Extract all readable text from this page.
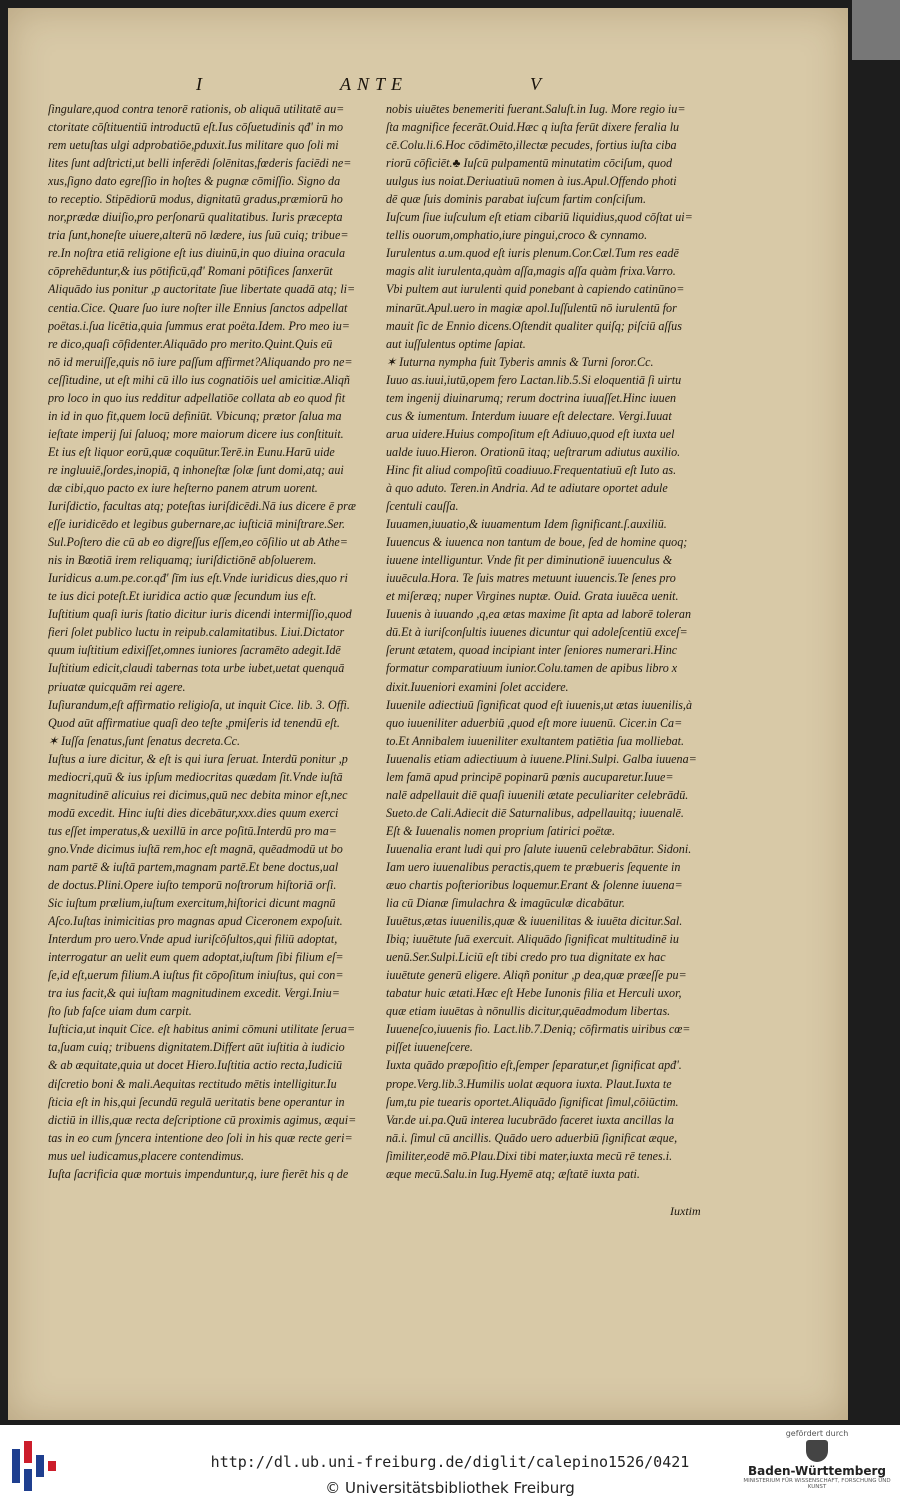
I	ANTE	V
ſingulare,quod contra tenorē rationis, ob aliquā utilitatē au=
ctoritate cōſtituentiū introductū eſt.Ius cōſuetudinis qđ' in mo
rem uetuſtas ulgi adprobatiōe,pduxit.Ius militare quo ſoli mi
lites ſunt adſtricti,ut belli inferēdi ſolēnitas,fœderis faciēdi ne=
xus,ſigno dato egreſſio in hoſtes & pugnæ cōmiſſio. Signo da
to receptio. Stipēdiorū modus, dignitatū gradus,præmiorū ho
nor,prædæ diuiſio,pro perſonarū qualitatibus. Iuris præcepta
tria ſunt,honeſte uiuere,alterū nō lædere, ius ſuū cuiq; tribue=
re.In noſtra etiā religione eſt ius diuinū,in quo diuina oracula
cōprehēduntur,& ius pōtificū,qđ' Romani pōtifices ſanxerūt
Aliquādo ius ponitur ,p auctoritate ſiue libertate quadā atq; li=
centia.Cice. Quare ſuo iure noſter ille Ennius ſanctos adpellat
poëtas.i.ſua licētia,quia ſummus erat poëta.Idem. Pro meo iu=
re dico,quaſi cōfidenter.Aliquādo pro merito.Quint.Quis eū
nō id meruiſſe,quis nō iure paſſum affirmet?Aliquando pro ne=
ceſſitudine, ut eſt mihi cū illo ius cognatiōis uel amicitiæ.Aliqñ
pro loco in quo ius redditur adpellatiōe collata ab eo quod fit
in id in quo fit,quem locū definiūt. Vbicunq; prætor ſalua ma
ieſtate imperij ſui ſaluoq; more maiorum dicere ius conſtituit.
Et ius eſt liquor eorū,quæ coquūtur.Terē.in Eunu.Harū uide
re ingluuiē,ſordes,inopiā, q̄ inhoneſtæ ſolæ ſunt domi,atq; aui
dæ cibi,quo pacto ex iure heſterno panem atrum uorent.
Iuriſdictio, facultas atq; poteſtas iuriſdicēdi.Nā ius dicere ē præ
eſſe iuridicēdo et legibus gubernare,ac iuſticiā miniſtrare.Ser.
Sul.Poſtero die cū ab eo digreſſus eſſem,eo cōſilio ut ab Athe=
nis in Bœotiā irem reliquamq; iuriſdictiōnē abſoluerem.
Iuridicus a.um.pe.cor.qđ' ſīm ius eſt.Vnde iuridicus dies,quo ri
te ius dici poteſt.Et iuridica actio quæ ſecundum ius eſt.
Iuſtitium quaſi iuris ſtatio dicitur iuris dicendi intermiſſio,quod
fieri ſolet publico luctu in reipub.calamitatibus. Liui.Dictator
quum iuſtitium edixiſſet,omnes iuniores ſacramēto adegit.Idē
Iuſtitium edicit,claudi tabernas tota urbe iubet,uetat quenquā
priuatæ quicquām rei agere.
Iuſiurandum,eſt affirmatio religioſa, ut inquit Cice. lib. 3. Offi.
Quod aūt affirmatiue quaſi deo teſte ,pmiſeris id tenendū eſt.
✶ Iuſſa ſenatus,ſunt ſenatus decreta.Cc.
Iuſtus a iure dicitur, & eſt is qui iura ſeruat. Interdū ponitur ,p
mediocri,quū & ius ipſum mediocritas quædam ſit.Vnde iuſtā
magnitudinē alicuius rei dicimus,quū nec debita minor eſt,nec
modū excedit. Hinc iuſti dies dicebātur,xxx.dies quum exerci
tus eſſet imperatus,& uexillū in arce poſitū.Interdū pro ma=
gno.Vnde dicimus iuſtā rem,hoc eſt magnā, quēadmodū ut bo
nam partē & iuſtā partem,magnam partē.Et bene doctus,ual
de doctus.Plini.Opere iuſto temporū noſtrorum hiſtoriā orſi.
Sic iuſtum prælium,iuſtum exercitum,hiſtorici dicunt magnū
Aſco.Iuſtas inimicitias pro magnas apud Ciceronem expoſuit.
Interdum pro uero.Vnde apud iuriſcōſultos,qui filiū adoptat,
interrogatur an uelit eum quem adoptat,iuſtum ſibi filium eſ=
ſe,id eſt,uerum filium.A iuſtus fit cōpoſitum iniuſtus, qui con=
tra ius facit,& qui iuſtam magnitudinem excedit. Vergi.Iniu=
ſto ſub faſce uiam dum carpit.
Iuſticia,ut inquit Cice. eſt habitus animi cōmuni utilitate ſerua=
ta,ſuam cuiq; tribuens dignitatem.Differt aūt iuſtitia à iudicio
& ab æquitate,quia ut docet Hiero.Iuſtitia actio recta,Iudiciū
diſcretio boni & mali.Aequitas rectitudo mētis intelligitur.Iu
ſticia eſt in his,qui ſecundū regulā ueritatis bene operantur in
dictiū in illis,quæ recta deſcriptione cū proximis agimus, æqui=
tas in eo cum ſyncera intentione deo ſoli in his quæ recte geri=
mus uel iudicamus,placere contendimus.
Iuſta ſacrificia quæ mortuis impenduntur,q, iure fierēt his q de
nobis uiuētes benemeriti fuerant.Saluſt.in Iug. More regio iu=
ſta magnifice fecerāt.Ouid.Hæc q iuſta ferūt dixere feralia lu
cē.Colu.li.6.Hoc cōdimēto,illectæ pecudes, fortius iuſta ciba
riorū cōficiēt.♣ Iuſcū pulpamentū minutatim cōciſum, quod
uulgus ius noiat.Deriuatiuū nomen à ius.Apul.Offendo photi
dē quæ ſuis dominis parabat iuſcum fartim conſciſum.
Iuſcum ſiue iuſculum eſt etiam cibariū liquidius,quod cōſtat ui=
tellis ouorum,omphatio,iure pingui,croco & cynnamo.
Iurulentus a.um.quod eſt iuris plenum.Cor.Cæl.Tum res eadē
magis alit iurulenta,quàm aſſa,magis aſſa quàm frixa.Varro.
Vbi pultem aut iurulenti quid ponebant à capiendo catinūno=
minarūt.Apul.uero in magiæ apol.Iuſſulentū nō iurulentū for
mauit ſic de Ennio dicens.Oſtendit qualiter quiſq; piſciū aſſus
aut iuſſulentus optime ſapiat.
✶ Iuturna nympha fuit Tyberis amnis & Turni ſoror.Cc.
Iuuo as.iuui,iutū,opem fero Lactan.lib.5.Si eloquentiā ſi uirtu
tem ingenij diuinarumq; rerum doctrina iuuaſſet.Hinc iuuen
cus & iumentum. Interdum iuuare eſt delectare. Vergi.Iuuat
arua uidere.Huius compoſitum eſt Adiuuo,quod eſt iuxta uel
ualde iuuo.Hieron. Orationū itaq; ueſtrarum adiutus auxilio.
Hinc fit aliud compoſitū coadiuuo.Frequentatiuū eſt Iuto as.
à quo aduto. Teren.in Andria. Ad te adiutare oportet adule
ſcentuli cauſſa.
Iuuamen,iuuatio,& iuuamentum Idem ſignificant.ſ.auxiliū.
Iuuencus & iuuenca non tantum de boue, ſed de homine quoq;
iuuene intelliguntur. Vnde fit per diminutionē iuuenculus &
iuuēcula.Hora. Te ſuis matres metuunt iuuencis.Te ſenes pro
et miſeræq; nuper Virgines nuptæ. Ouid. Grata iuuēca uenit.
Iuuenis à iuuando ,q,ea ætas maxime ſit apta ad laborē toleran
dū.Et à iuriſconſultis iuuenes dicuntur qui adoleſcentiū exceſ=
ſerunt ætatem, quoad incipiant inter ſeniores numerari.Hinc
formatur comparatiuum iunior.Colu.tamen de apibus libro x
dixit.Iuueniori examini ſolet accidere.
Iuuenile adiectiuū ſignificat quod eſt iuuenis,ut ætas iuuenilis,à
quo iuueniliter aduerbiū ,quod eſt more iuuenū. Cicer.in Ca=
to.Et Annibalem iuueniliter exultantem patiētia ſua molliebat.
Iuuenalis etiam adiectiuum à iuuene.Plini.Sulpi. Galba iuuena=
lem famā apud principē popinarū pœnis aucuparetur.Iuue=
nalē adpellauit diē quaſi iuuenili ætate peculiariter celebrādū.
Sueto.de Cali.Adiecit diē Saturnalibus, adpellauitq; iuuenalē.
Eſt & Iuuenalis nomen proprium ſatirici poëtæ.
Iuuenalia erant ludi qui pro ſalute iuuenū celebrabātur. Sidoni.
Iam uero iuuenalibus peractis,quem te præbueris ſequente in
æuo chartis poſterioribus loquemur.Erant & ſolenne iuuena=
lia cū Dianæ ſimulachra & imagūculæ dicabātur.
Iuuētus,ætas iuuenilis,quæ & iuuenilitas & iuuēta dicitur.Sal.
Ibiq; iuuētute ſuā exercuit. Aliquādo ſignificat multitudinē iu
uenū.Ser.Sulpi.Liciū eſt tibi credo pro tua dignitate ex hac
iuuētute generū eligere. Aliqñ ponitur ,p dea,quæ præeſſe pu=
tabatur huic ætati.Hæc eſt Hebe Iunonis filia et Herculi uxor,
quæ etiam iuuētas à nōnullis dicitur,quēadmodum libertas.
Iuueneſco,iuuenis fio. Lact.lib.7.Deniq; cōfirmatis uiribus cœ=
piſſet iuueneſcere.
Iuxta quādo præpoſitio eſt,ſemper ſeparatur,et ſignificat apđ'.
prope.Verg.lib.3.Humilis uolat æquora iuxta. Plaut.Iuxta te
ſum,tu pie tuearis oportet.Aliquādo ſignificat ſimul,cōiūctim.
Var.de ui.pa.Quū interea lucubrādo faceret iuxta ancillas la
nā.i. ſimul cū ancillis. Quādo uero aduerbiū ſignificat æque,
ſimiliter,eodē mō.Plau.Dixi tibi mater,iuxta mecū rē tenes.i.
æque mecū.Salu.in Iug.Hyemē atq; æſtatē iuxta pati.
Iuxtim
http://dl.ub.uni-freiburg.de/diglit/calepino1526/0421
© Universitätsbibliothek Freiburg
gefördert durch
Baden-Württemberg
MINISTERIUM FÜR WISSENSCHAFT, FORSCHUNG UND KUNST
